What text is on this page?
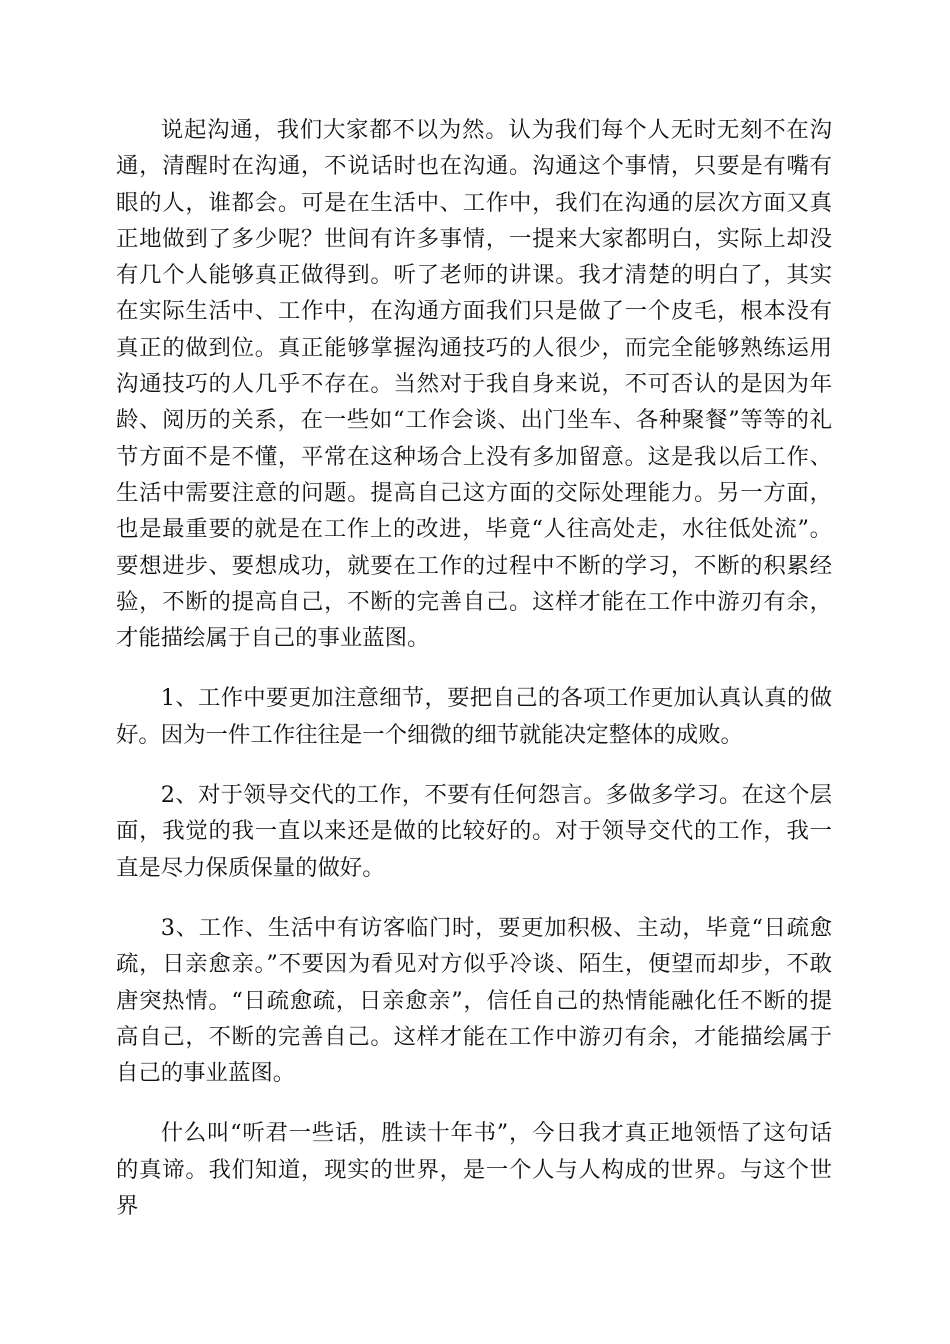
说起沟通，我们大家都不以为然。认为我们每个人无时无刻不在沟通，清醒时在沟通，不说话时也在沟通。沟通这个事情，只要是有嘴有眼的人，谁都会。可是在生活中、工作中，我们在沟通的层次方面又真正地做到了多少呢？世间有许多事情，一提来大家都明白，实际上却没有几个人能够真正做得到。听了老师的讲课。我才清楚的明白了，其实在实际生活中、工作中，在沟通方面我们只是做了一个皮毛，根本没有真正的做到位。真正能够掌握沟通技巧的人很少，而完全能够熟练运用沟通技巧的人几乎不存在。当然对于我自身来说，不可否认的是因为年龄、阅历的关系，在一些如“工作会谈、出门坐车、各种聚餐”等等的礼节方面不是不懂，平常在这种场合上没有多加留意。这是我以后工作、生活中需要注意的问题。提高自己这方面的交际处理能力。另一方面，也是最重要的就是在工作上的改进，毕竟“人往高处走，水往低处流”。要想进步、要想成功，就要在工作的过程中不断的学习，不断的积累经验，不断的提高自己，不断的完善自己。这样才能在工作中游刃有余，才能描绘属于自己的事业蓝图。

1、工作中要更加注意细节，要把自己的各项工作更加认真认真的做好。因为一件工作往往是一个细微的细节就能决定整体的成败。

2、对于领导交代的工作，不要有任何怨言。多做多学习。在这个层面，我觉的我一直以来还是做的比较好的。对于领导交代的工作，我一直是尽力保质保量的做好。

3、工作、生活中有访客临门时，要更加积极、主动，毕竟“日疏愈疏，日亲愈亲。”不要因为看见对方似乎冷谈、陌生，便望而却步，不敢唐突热情。“日疏愈疏，日亲愈亲”，信任自己的热情能融化任不断的提高自己，不断的完善自己。这样才能在工作中游刃有余，才能描绘属于自己的事业蓝图。

什么叫“听君一些话，胜读十年书”，今日我才真正地领悟了这句话的真谛。我们知道，现实的世界，是一个人与人构成的世界。与这个世界
